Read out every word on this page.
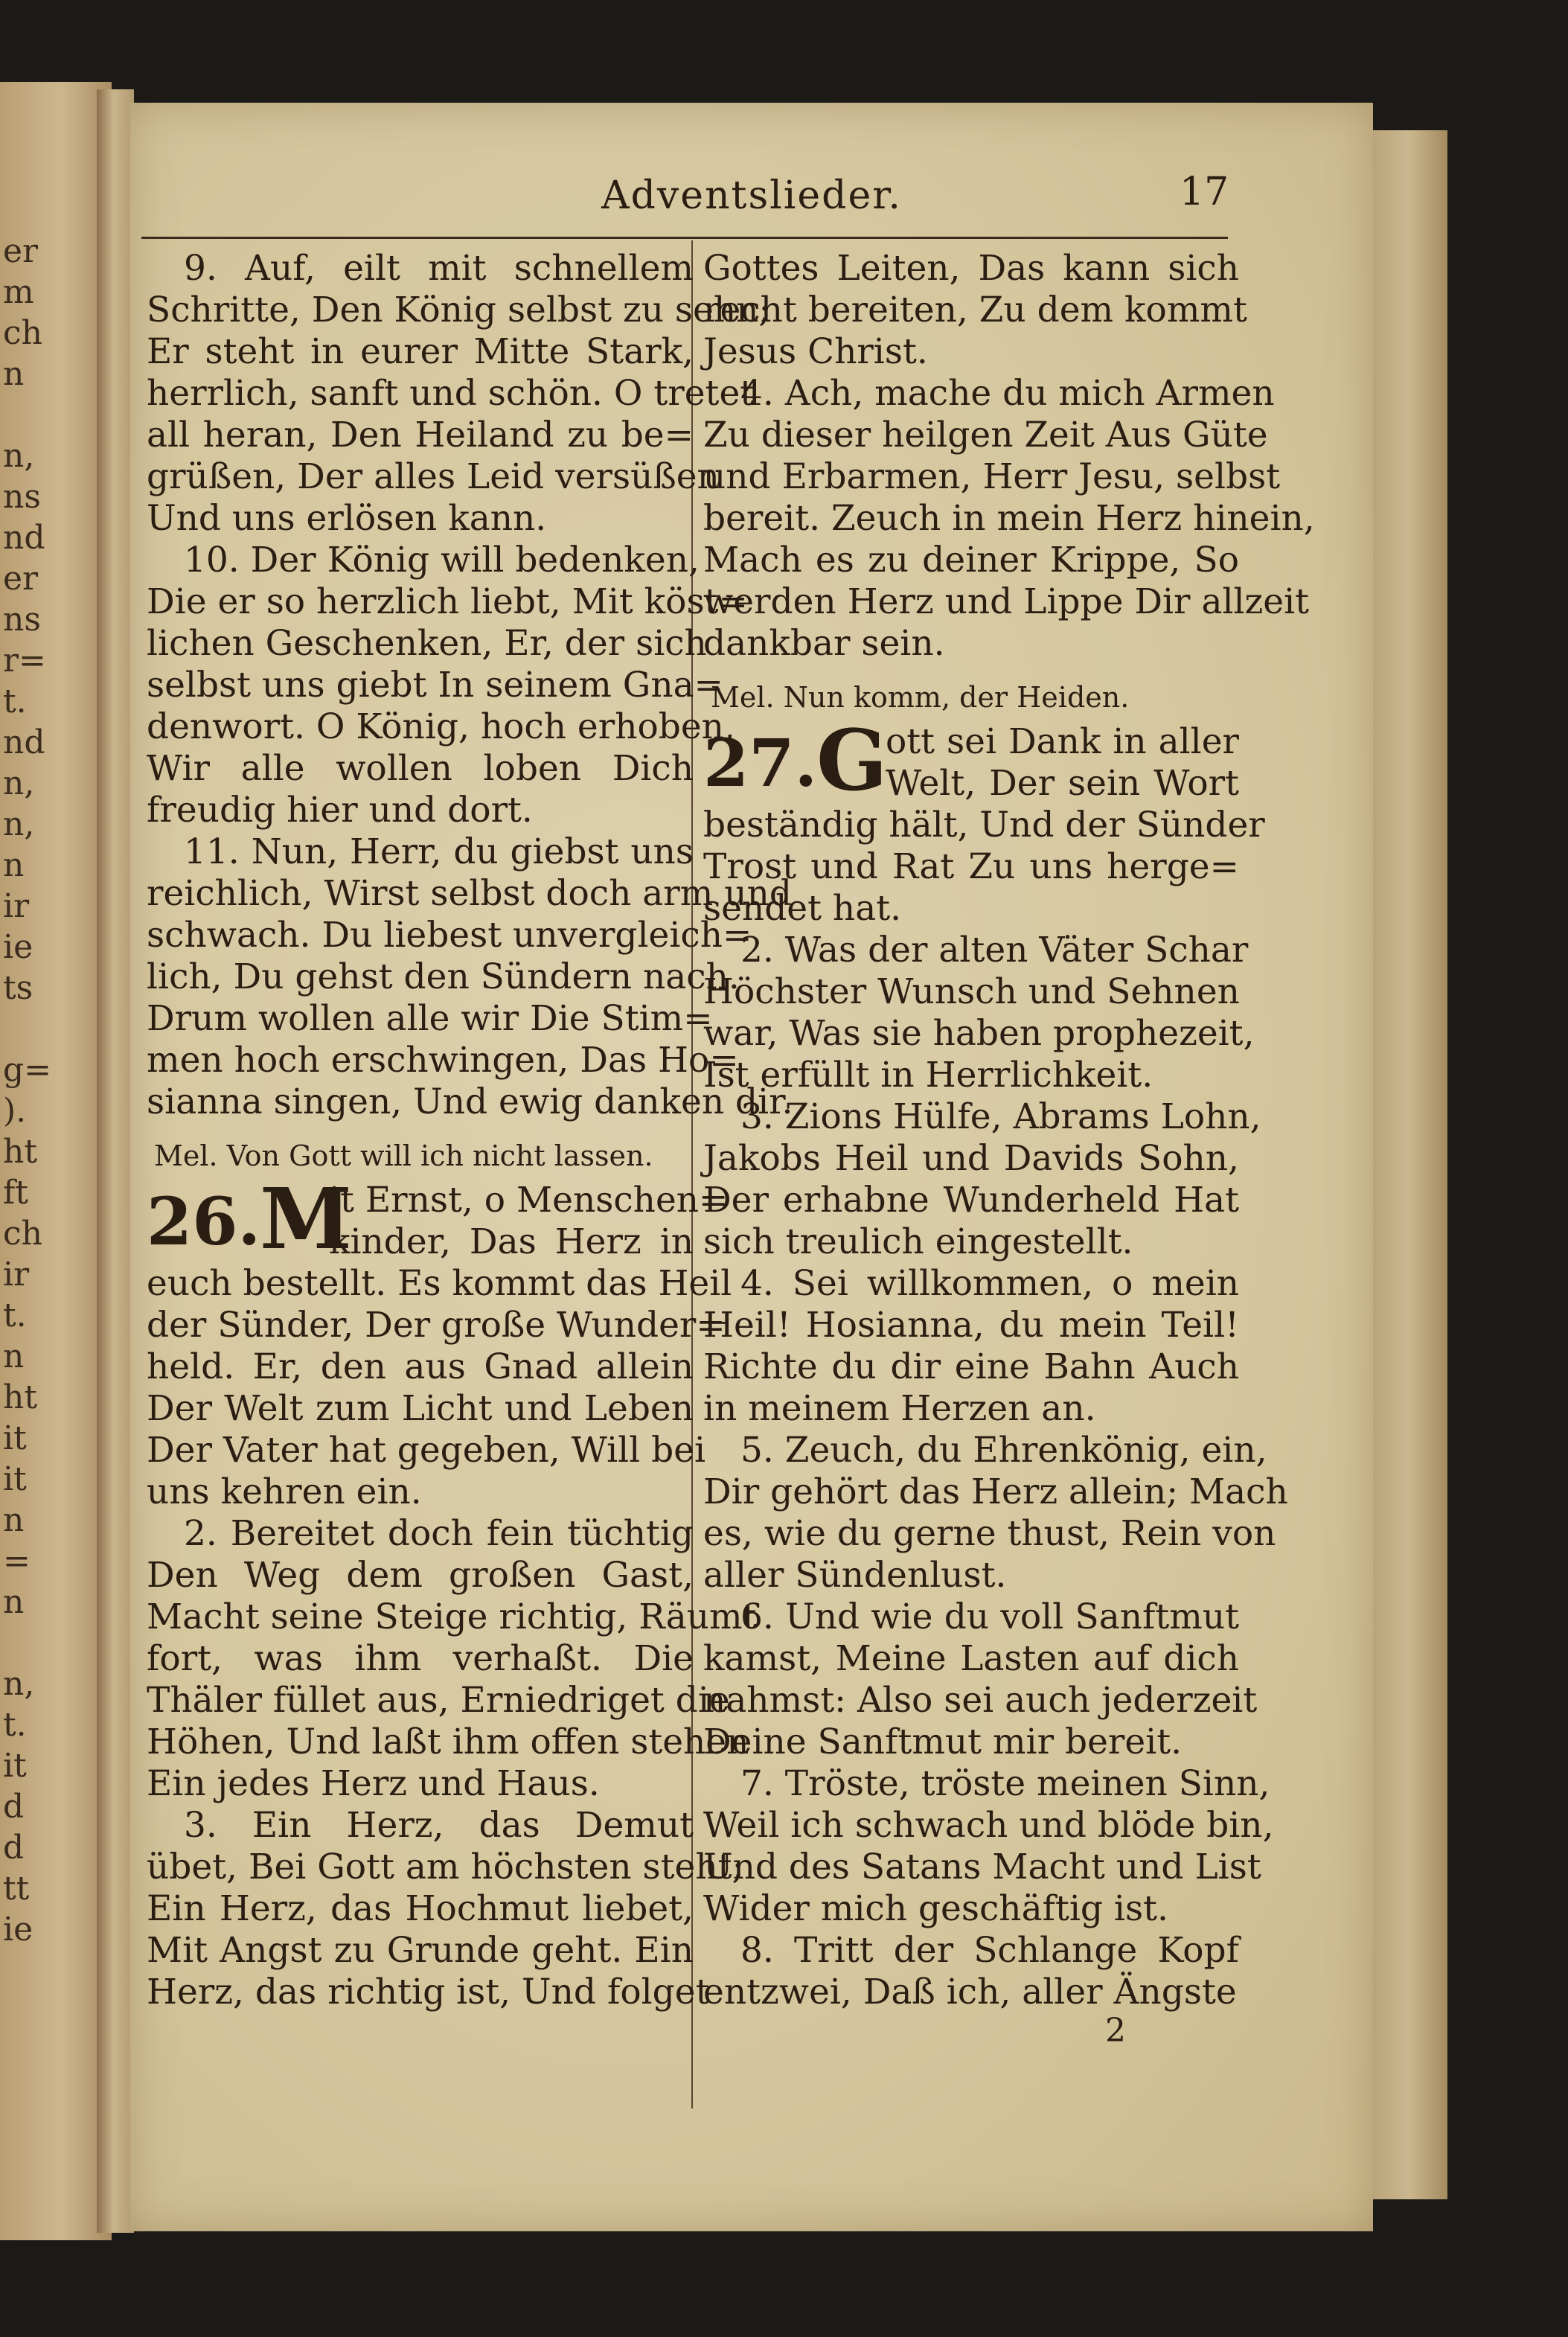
er
m
ch
n
n,
ns
nd
er
ns
r=
t.
nd
n,
n,
n
ir
ie
ts
g=
).
ht
ft
ch
ir
t.
n
ht
it
it
n
=
n
n,
t.
it
d
d
tt
ie
Adventslieder.	17
9. Auf, eilt mit schnellem
Schritte, Den König selbst zu sehn;
Er steht in eurer Mitte Stark,
herrlich, sanft und schön. O tretet
all heran, Den Heiland zu be=
grüßen, Der alles Leid versüßen
Und uns erlösen kann.
10. Der König will bedenken,
Die er so herzlich liebt, Mit köst=
lichen Geschenken, Er, der sich
selbst uns giebt In seinem Gna=
denwort. O König, hoch erhoben,
Wir alle wollen loben Dich
freudig hier und dort.
11. Nun, Herr, du giebst uns
reichlich, Wirst selbst doch arm und
schwach. Du liebest unvergleich=
lich, Du gehst den Sündern nach.
Drum wollen alle wir Die Stim=
men hoch erschwingen, Das Ho=
sianna singen, Und ewig danken dir.
Mel. Von Gott will ich nicht lassen.
26.
M
it Ernst, o Menschen=
kinder, Das Herz in
euch bestellt. Es kommt das Heil
der Sünder, Der große Wunder=
held. Er, den aus Gnad allein
Der Welt zum Licht und Leben
Der Vater hat gegeben, Will bei
uns kehren ein.
2. Bereitet doch fein tüchtig
Den Weg dem großen Gast,
Macht seine Steige richtig, Räumt
fort, was ihm verhaßt. Die
Thäler füllet aus, Erniedriget die
Höhen, Und laßt ihm offen stehen
Ein jedes Herz und Haus.
3. Ein Herz, das Demut
übet, Bei Gott am höchsten steht;
Ein Herz, das Hochmut liebet,
Mit Angst zu Grunde geht. Ein
Herz, das richtig ist, Und folget
Gottes Leiten, Das kann sich
recht bereiten, Zu dem kommt
Jesus Christ.
4. Ach, mache du mich Armen
Zu dieser heilgen Zeit Aus Güte
und Erbarmen, Herr Jesu, selbst
bereit. Zeuch in mein Herz hinein,
Mach es zu deiner Krippe, So
werden Herz und Lippe Dir allzeit
dankbar sein.
Mel. Nun komm, der Heiden.
27.
G
ott sei Dank in aller
Welt, Der sein Wort
beständig hält, Und der Sünder
Trost und Rat Zu uns herge=
sendet hat.
2. Was der alten Väter Schar
Höchster Wunsch und Sehnen
war, Was sie haben prophezeit,
Ist erfüllt in Herrlichkeit.
3. Zions Hülfe, Abrams Lohn,
Jakobs Heil und Davids Sohn,
Der erhabne Wunderheld Hat
sich treulich eingestellt.
4. Sei willkommen, o mein
Heil! Hosianna, du mein Teil!
Richte du dir eine Bahn Auch
in meinem Herzen an.
5. Zeuch, du Ehrenkönig, ein,
Dir gehört das Herz allein; Mach
es, wie du gerne thust, Rein von
aller Sündenlust.
6. Und wie du voll Sanftmut
kamst, Meine Lasten auf dich
nahmst: Also sei auch jederzeit
Deine Sanftmut mir bereit.
7. Tröste, tröste meinen Sinn,
Weil ich schwach und blöde bin,
Und des Satans Macht und List
Wider mich geschäftig ist.
8. Tritt der Schlange Kopf
entzwei, Daß ich, aller Ängste
2
